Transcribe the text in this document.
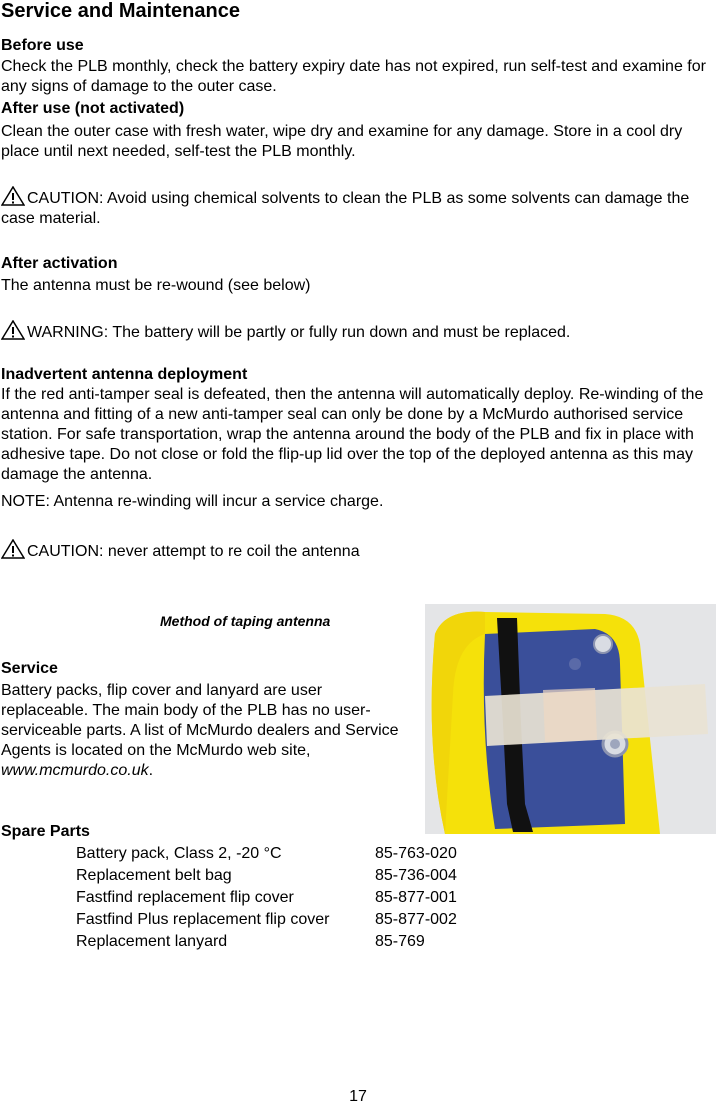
Service and Maintenance
Before use

Check the PLB monthly, check the battery expiry date has not expired, run self-test and examine for any signs of damage to the outer case.

After use (not activated)

Clean the outer case with fresh water, wipe dry and examine for any damage. Store in a cool dry place until next needed, self-test the PLB monthly.

CAUTION: Avoid using chemical solvents to clean the PLB as some solvents can damage the case material.

After activation

The antenna must be re-wound (see below)

WARNING: The battery will be partly or fully run down and must be replaced.

Inadvertent antenna deployment

If the red anti-tamper seal is defeated, then the antenna will automatically deploy. Re-winding of the antenna and fitting of a new anti-tamper seal can only be done by a McMurdo authorised service station. For safe transportation, wrap the antenna around the body of the PLB and fix in place with adhesive tape. Do not close or fold the flip-up lid over the top of the deployed antenna as this may damage the antenna.

NOTE: Antenna re-winding will incur a service charge.

CAUTION: never attempt to re coil the antenna

Method of taping antenna

Service

Battery packs, flip cover and lanyard are user replaceable. The main body of the PLB has no user-serviceable parts. A list of McMurdo dealers and Service Agents is located on the McMurdo web site, www.mcmurdo.co.uk.

Spare Parts
Battery pack, Class 2, -20 °C	85-763-020
Replacement belt bag	85-736-004
Fastfind replacement flip cover	85-877-001
Fastfind Plus replacement flip cover	85-877-002
Replacement lanyard	85-769
17
